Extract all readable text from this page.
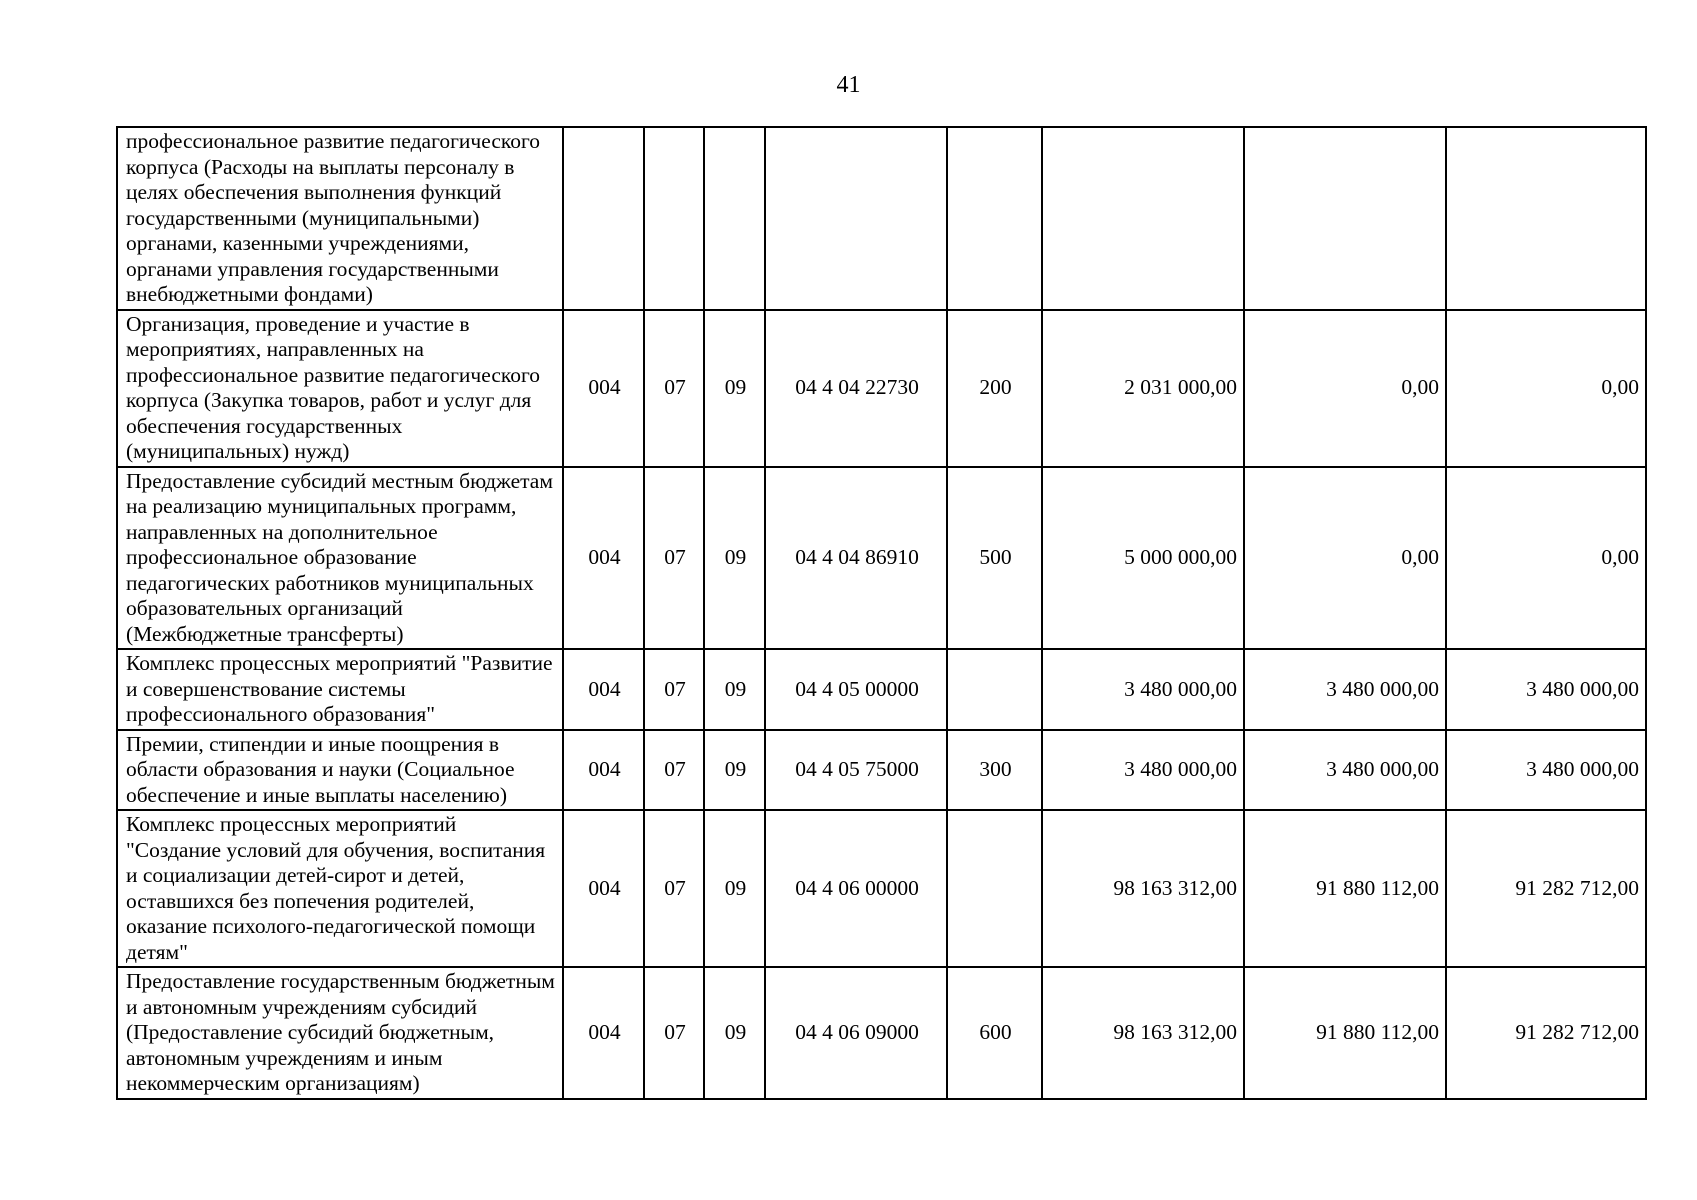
41
профессиональное развитие педагогического корпуса (Расходы на выплаты персоналу в целях обеспечения выполнения функций государственными (муниципальными) органами, казенными учреждениями, органами управления государственными внебюджетными фондами)								
Организация, проведение и участие в мероприятиях, направленных на профессиональное развитие педагогического корпуса (Закупка товаров, работ и услуг для обеспечения государственных (муниципальных) нужд)	004	07	09	04 4 04 22730	200	2 031 000,00	0,00	0,00
Предоставление субсидий местным бюджетам на реализацию муниципальных программ, направленных на дополнительное профессиональное образование педагогических работников муниципальных образовательных организаций (Межбюджетные трансферты)	004	07	09	04 4 04 86910	500	5 000 000,00	0,00	0,00
Комплекс процессных мероприятий "Развитие и совершенствование системы профессионального образования"	004	07	09	04 4 05 00000		3 480 000,00	3 480 000,00	3 480 000,00
Премии, стипендии и иные поощрения в области образования и науки (Социальное обеспечение и иные выплаты населению)	004	07	09	04 4 05 75000	300	3 480 000,00	3 480 000,00	3 480 000,00
Комплекс процессных мероприятий "Создание условий для обучения, воспитания и социализации детей-сирот и детей, оставшихся без попечения родителей, оказание психолого-педагогической помощи детям"	004	07	09	04 4 06 00000		98 163 312,00	91 880 112,00	91 282 712,00
Предоставление государственным бюджетным и автономным учреждениям субсидий (Предоставление субсидий бюджетным, автономным учреждениям и иным некоммерческим организациям)	004	07	09	04 4 06 09000	600	98 163 312,00	91 880 112,00	91 282 712,00
